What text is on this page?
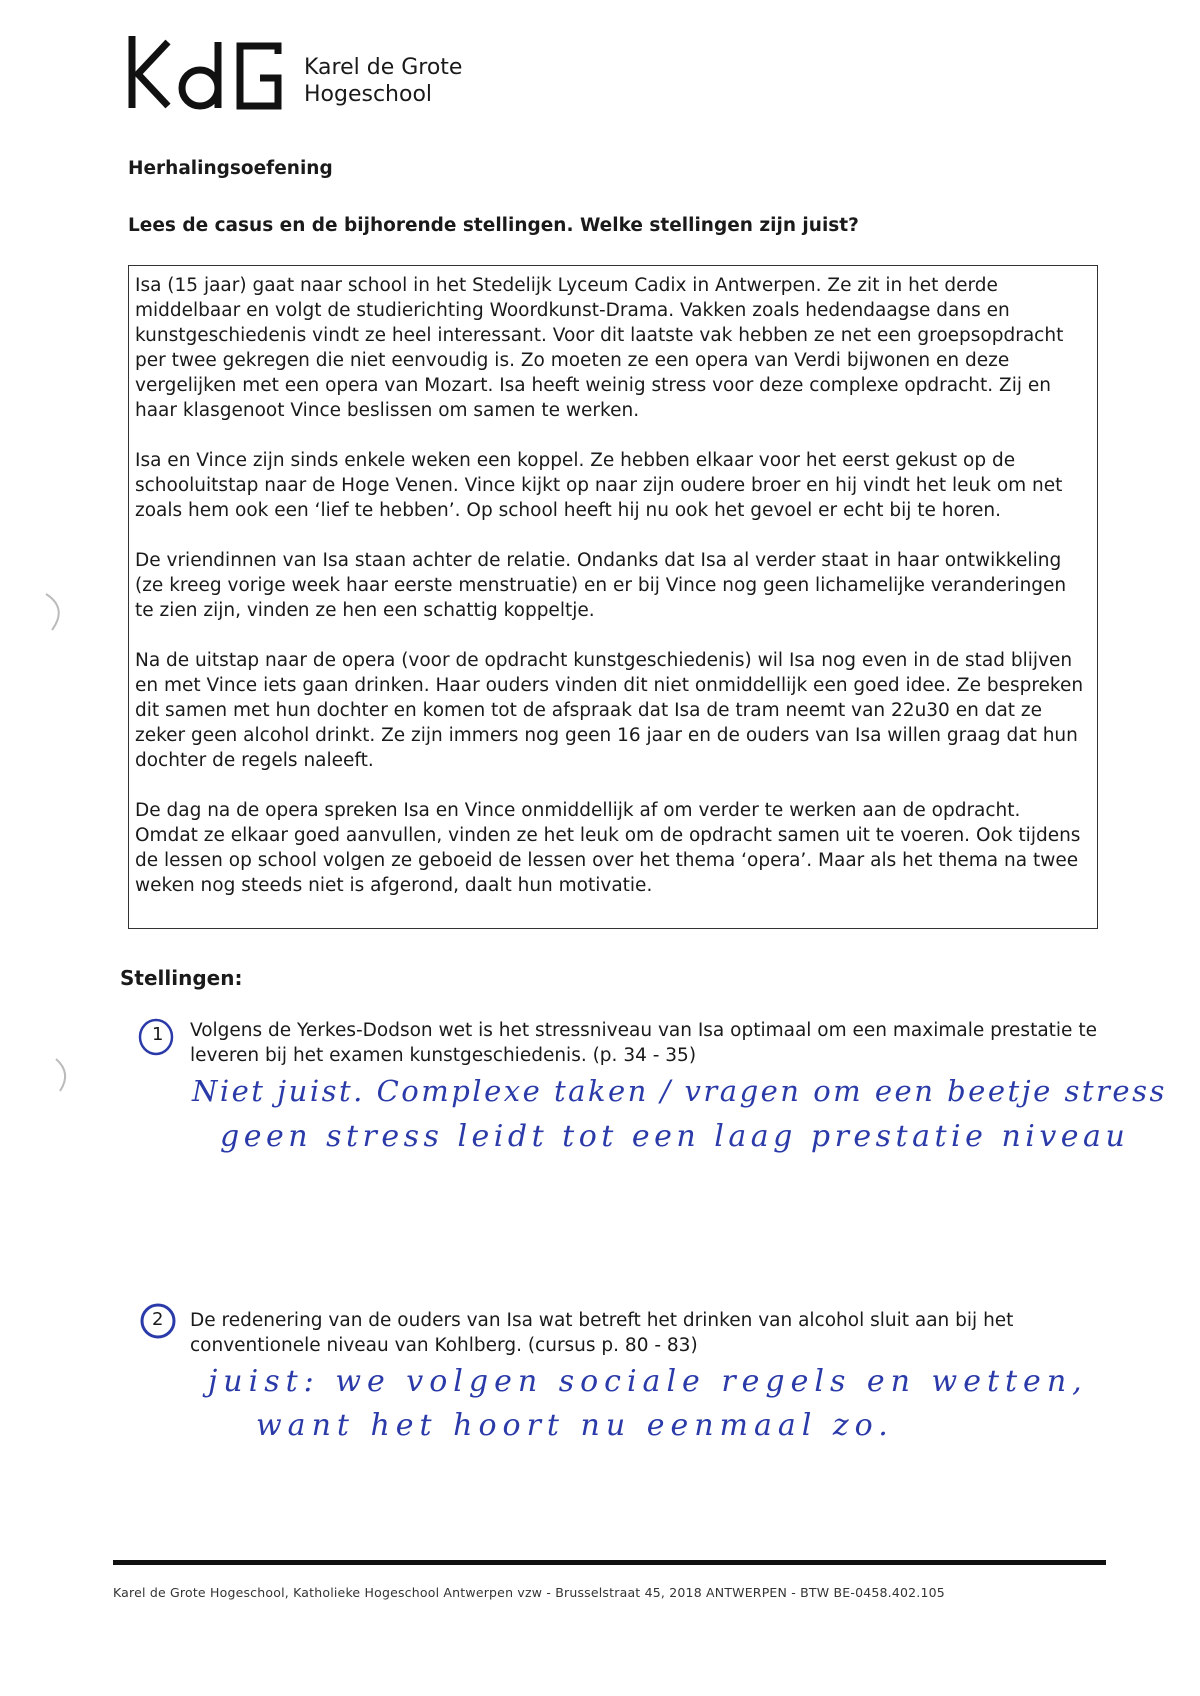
Karel de Grote
Hogeschool
Herhalingsoefening
Lees de casus en de bijhorende stellingen. Welke stellingen zijn juist?

Isa (15 jaar) gaat naar school in het Stedelijk Lyceum Cadix in Antwerpen. Ze zit in het derde middelbaar en volgt de studierichting Woordkunst-Drama. Vakken zoals hedendaagse dans en kunstgeschiedenis vindt ze heel interessant. Voor dit laatste vak hebben ze net een groepsopdracht per twee gekregen die niet eenvoudig is. Zo moeten ze een opera van Verdi bijwonen en deze vergelijken met een opera van Mozart. Isa heeft weinig stress voor deze complexe opdracht. Zij en haar klasgenoot Vince beslissen om samen te werken.

Isa en Vince zijn sinds enkele weken een koppel. Ze hebben elkaar voor het eerst gekust op de schooluitstap naar de Hoge Venen. Vince kijkt op naar zijn oudere broer en hij vindt het leuk om net zoals hem ook een ‘lief te hebben’. Op school heeft hij nu ook het gevoel er echt bij te horen.

De vriendinnen van Isa staan achter de relatie. Ondanks dat Isa al verder staat in haar ontwikkeling (ze kreeg vorige week haar eerste menstruatie) en er bij Vince nog geen lichamelijke veranderingen te zien zijn, vinden ze hen een schattig koppeltje.

Na de uitstap naar de opera (voor de opdracht kunstgeschiedenis) wil Isa nog even in de stad blijven en met Vince iets gaan drinken. Haar ouders vinden dit niet onmiddellijk een goed idee. Ze bespreken dit samen met hun dochter en komen tot de afspraak dat Isa de tram neemt van 22u30 en dat ze zeker geen alcohol drinkt. Ze zijn immers nog geen 16 jaar en de ouders van Isa willen graag dat hun dochter de regels naleeft.

De dag na de opera spreken Isa en Vince onmiddellijk af om verder te werken aan de opdracht. Omdat ze elkaar goed aanvullen, vinden ze het leuk om de opdracht samen uit te voeren. Ook tijdens de lessen op school volgen ze geboeid de lessen over het thema ‘opera’. Maar als het thema na twee weken nog steeds niet is afgerond, daalt hun motivatie.

Stellingen:
1 Volgens de Yerkes-Dodson wet is het stressniveau van Isa optimaal om een maximale prestatie te leveren bij het examen kunstgeschiedenis. (p. 34 - 35)
Niet juist. Complexe taken / vragen om een beetje stress
geen stress leidt tot een laag prestatie niveau
2 De redenering van de ouders van Isa wat betreft het drinken van alcohol sluit aan bij het conventionele niveau van Kohlberg. (cursus p. 80 - 83)
juist: we volgen sociale regels en wetten,
want het hoort nu eenmaal zo.
Karel de Grote Hogeschool, Katholieke Hogeschool Antwerpen vzw - Brusselstraat 45, 2018 ANTWERPEN - BTW BE-0458.402.105
